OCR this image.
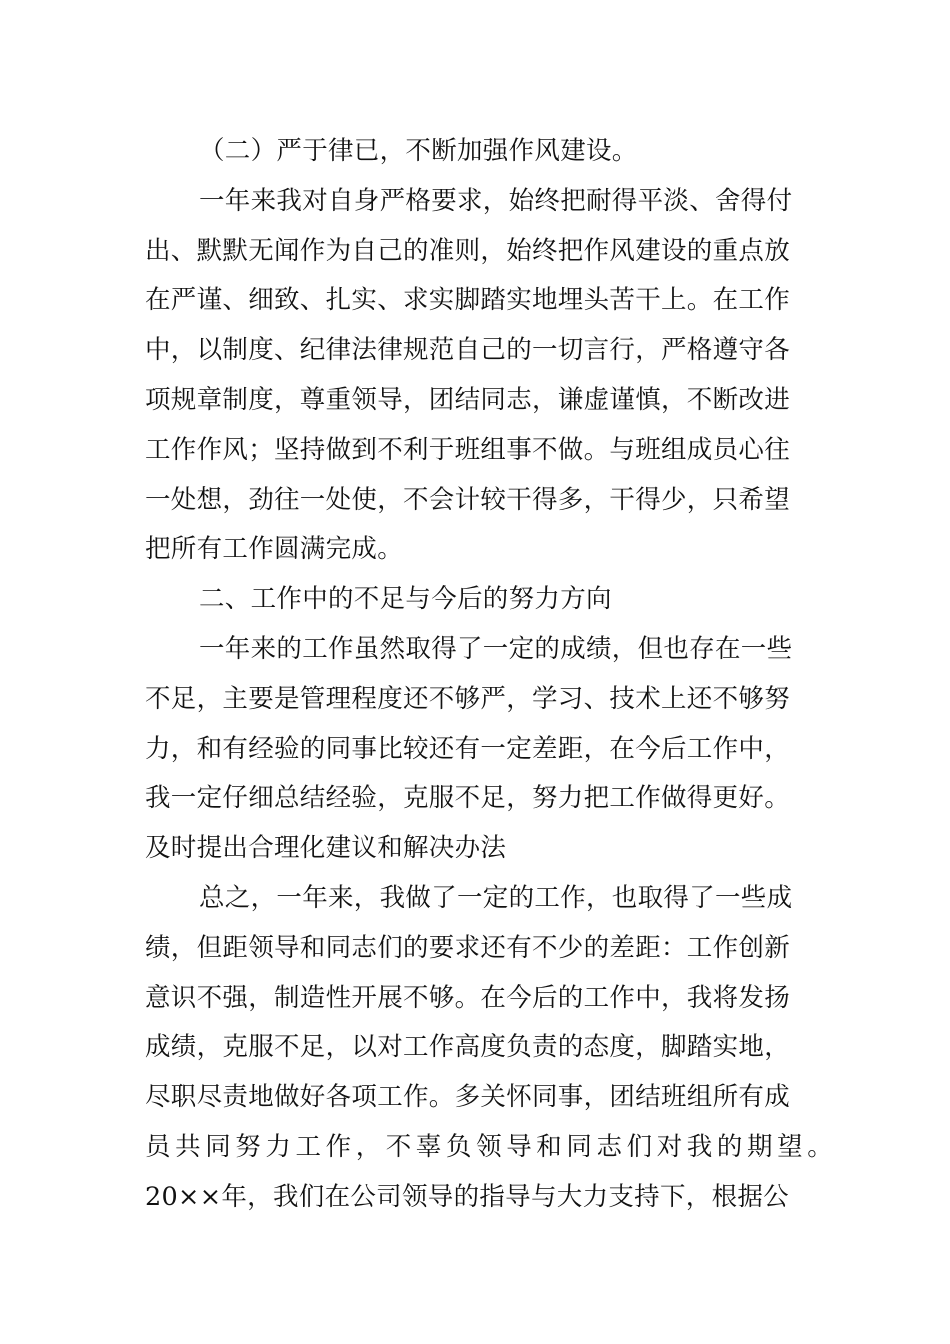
（二）严于律已，不断加强作风建设。
一年来我对自身严格要求，始终把耐得平淡、舍得付
出、默默无闻作为自己的准则，始终把作风建设的重点放
在严谨、细致、扎实、求实脚踏实地埋头苦干上。在工作
中，以制度、纪律法律规范自己的一切言行，严格遵守各
项规章制度，尊重领导，团结同志，谦虚谨慎，不断改进
工作作风；坚持做到不利于班组事不做。与班组成员心往
一处想，劲往一处使，不会计较干得多，干得少，只希望
把所有工作圆满完成。
二、工作中的不足与今后的努力方向
一年来的工作虽然取得了一定的成绩，但也存在一些
不足，主要是管理程度还不够严，学习、技术上还不够努
力，和有经验的同事比较还有一定差距，在今后工作中，
我一定仔细总结经验，克服不足，努力把工作做得更好。
及时提出合理化建议和解决办法
总之，一年来，我做了一定的工作，也取得了一些成
绩，但距领导和同志们的要求还有不少的差距：工作创新
意识不强，制造性开展不够。在今后的工作中，我将发扬
成绩，克服不足，以对工作高度负责的态度，脚踏实地，
尽职尽责地做好各项工作。多关怀同事，团结班组所有成
员共同努力工作，不辜负领导和同志们对我的期望。
20××年，我们在公司领导的指导与大力支持下，根据公
